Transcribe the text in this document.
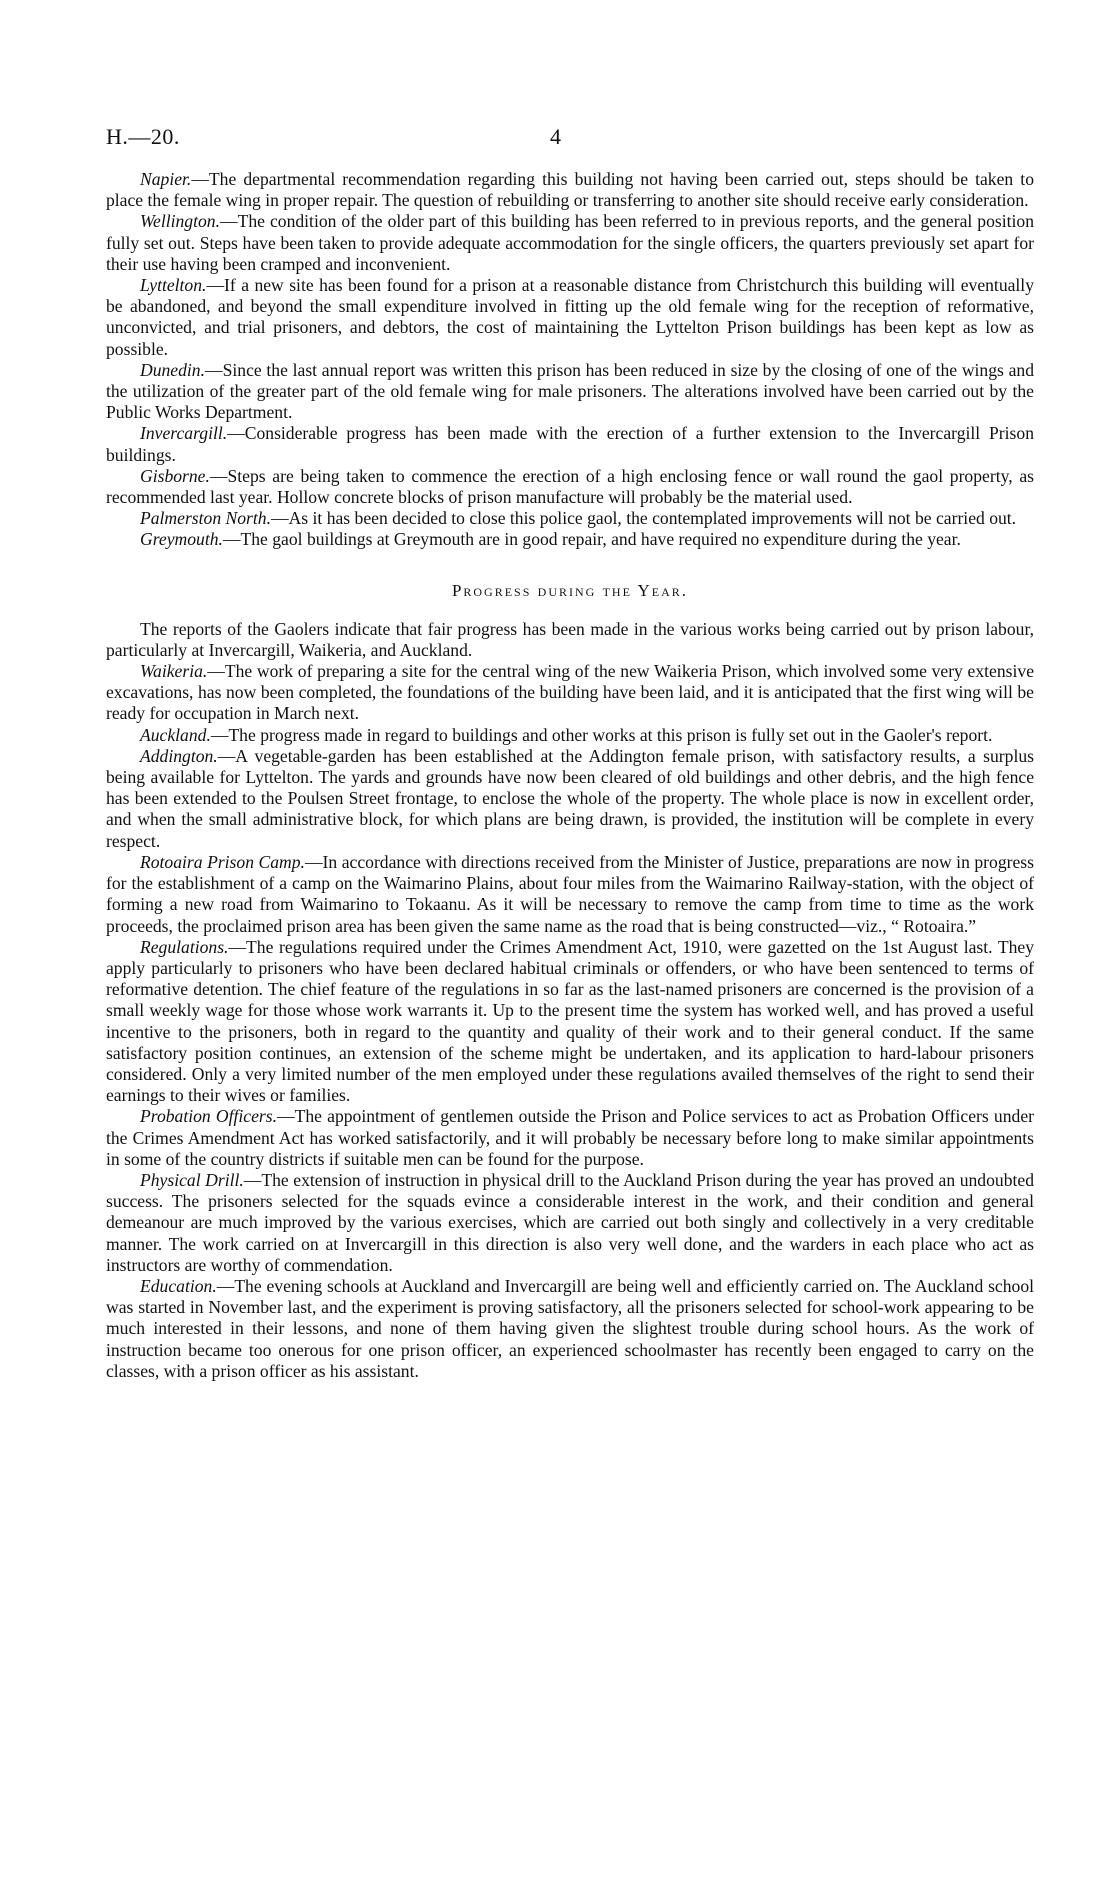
H.—20.	4

Napier.—The departmental recommendation regarding this building not having been carried out, steps should be taken to place the female wing in proper repair. The question of rebuilding or transferring to another site should receive early consideration.

Wellington.—The condition of the older part of this building has been referred to in previous reports, and the general position fully set out. Steps have been taken to provide adequate accommodation for the single officers, the quarters previously set apart for their use having been cramped and inconvenient.

Lyttelton.—If a new site has been found for a prison at a reasonable distance from Christchurch this building will eventually be abandoned, and beyond the small expenditure involved in fitting up the old female wing for the reception of reformative, unconvicted, and trial prisoners, and debtors, the cost of maintaining the Lyttelton Prison buildings has been kept as low as possible.

Dunedin.—Since the last annual report was written this prison has been reduced in size by the closing of one of the wings and the utilization of the greater part of the old female wing for male prisoners. The alterations involved have been carried out by the Public Works Department.

Invercargill.—Considerable progress has been made with the erection of a further extension to the Invercargill Prison buildings.

Gisborne.—Steps are being taken to commence the erection of a high enclosing fence or wall round the gaol property, as recommended last year. Hollow concrete blocks of prison manufacture will probably be the material used.

Palmerston North.—As it has been decided to close this police gaol, the contemplated improvements will not be carried out.

Greymouth.—The gaol buildings at Greymouth are in good repair, and have required no expenditure during the year.

Progress during the Year.

The reports of the Gaolers indicate that fair progress has been made in the various works being carried out by prison labour, particularly at Invercargill, Waikeria, and Auckland.

Waikeria.—The work of preparing a site for the central wing of the new Waikeria Prison, which involved some very extensive excavations, has now been completed, the foundations of the building have been laid, and it is anticipated that the first wing will be ready for occupation in March next.

Auckland.—The progress made in regard to buildings and other works at this prison is fully set out in the Gaoler's report.

Addington.—A vegetable-garden has been established at the Addington female prison, with satisfactory results, a surplus being available for Lyttelton. The yards and grounds have now been cleared of old buildings and other debris, and the high fence has been extended to the Poulsen Street frontage, to enclose the whole of the property. The whole place is now in excellent order, and when the small administrative block, for which plans are being drawn, is provided, the institution will be complete in every respect.

Rotoaira Prison Camp.—In accordance with directions received from the Minister of Justice, preparations are now in progress for the establishment of a camp on the Waimarino Plains, about four miles from the Waimarino Railway-station, with the object of forming a new road from Waimarino to Tokaanu. As it will be necessary to remove the camp from time to time as the work proceeds, the proclaimed prison area has been given the same name as the road that is being constructed—viz., “ Rotoaira.”

Regulations.—The regulations required under the Crimes Amendment Act, 1910, were gazetted on the 1st August last. They apply particularly to prisoners who have been declared habitual criminals or offenders, or who have been sentenced to terms of reformative detention. The chief feature of the regulations in so far as the last-named prisoners are concerned is the provision of a small weekly wage for those whose work warrants it. Up to the present time the system has worked well, and has proved a useful incentive to the prisoners, both in regard to the quantity and quality of their work and to their general conduct. If the same satisfactory position continues, an extension of the scheme might be undertaken, and its application to hard-labour prisoners considered. Only a very limited number of the men employed under these regulations availed themselves of the right to send their earnings to their wives or families.

Probation Officers.—The appointment of gentlemen outside the Prison and Police services to act as Probation Officers under the Crimes Amendment Act has worked satisfactorily, and it will probably be necessary before long to make similar appointments in some of the country districts if suitable men can be found for the purpose.

Physical Drill.—The extension of instruction in physical drill to the Auckland Prison during the year has proved an undoubted success. The prisoners selected for the squads evince a considerable interest in the work, and their condition and general demeanour are much improved by the various exercises, which are carried out both singly and collectively in a very creditable manner. The work carried on at Invercargill in this direction is also very well done, and the warders in each place who act as instructors are worthy of commendation.

Education.—The evening schools at Auckland and Invercargill are being well and efficiently carried on. The Auckland school was started in November last, and the experiment is proving satisfactory, all the prisoners selected for school-work appearing to be much interested in their lessons, and none of them having given the slightest trouble during school hours. As the work of instruction became too onerous for one prison officer, an experienced schoolmaster has recently been engaged to carry on the classes, with a prison officer as his assistant.
